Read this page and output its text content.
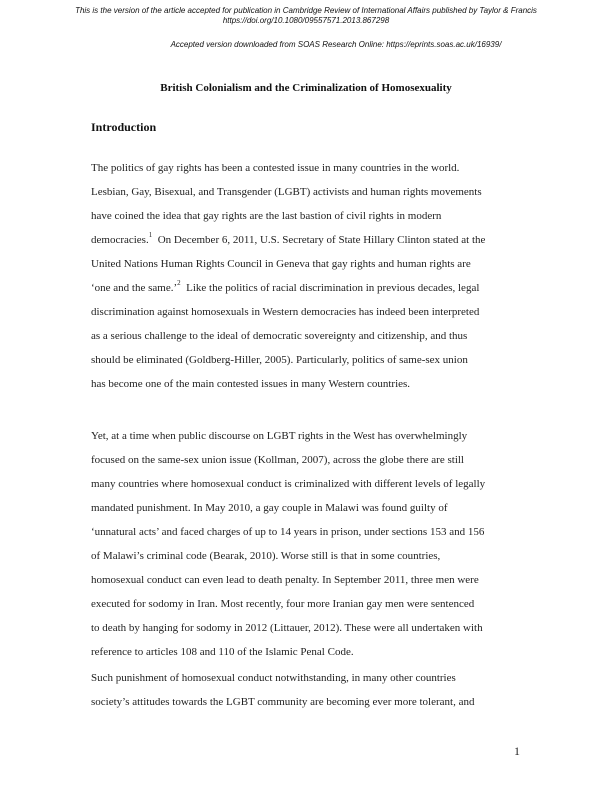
This is the version of the article accepted for publication in Cambridge Review of International Affairs published by Taylor & Francis
https://doi.org/10.1080/09557571.2013.867298
Accepted version downloaded from SOAS Research Online: https://eprints.soas.ac.uk/16939/
British Colonialism and the Criminalization of Homosexuality
Introduction
The politics of gay rights has been a contested issue in many countries in the world.
Lesbian, Gay, Bisexual, and Transgender (LGBT) activists and human rights movements
have coined the idea that gay rights are the last bastion of civil rights in modern
democracies.$^1$ On December 6, 2011, U.S. Secretary of State Hillary Clinton stated at the
United Nations Human Rights Council in Geneva that gay rights and human rights are
‘one and the same.’$^2$ Like the politics of racial discrimination in previous decades, legal
discrimination against homosexuals in Western democracies has indeed been interpreted
as a serious challenge to the ideal of democratic sovereignty and citizenship, and thus
should be eliminated (Goldberg-Hiller, 2005). Particularly, politics of same-sex union
has become one of the main contested issues in many Western countries.
Yet, at a time when public discourse on LGBT rights in the West has overwhelmingly
focused on the same-sex union issue (Kollman, 2007), across the globe there are still
many countries where homosexual conduct is criminalized with different levels of legally
mandated punishment. In May 2010, a gay couple in Malawi was found guilty of
‘unnatural acts’ and faced charges of up to 14 years in prison, under sections 153 and 156
of Malawi’s criminal code (Bearak, 2010). Worse still is that in some countries,
homosexual conduct can even lead to death penalty. In September 2011, three men were
executed for sodomy in Iran. Most recently, four more Iranian gay men were sentenced
to death by hanging for sodomy in 2012 (Littauer, 2012). These were all undertaken with
reference to articles 108 and 110 of the Islamic Penal Code.
Such punishment of homosexual conduct notwithstanding, in many other countries
society’s attitudes towards the LGBT community are becoming ever more tolerant, and
1
